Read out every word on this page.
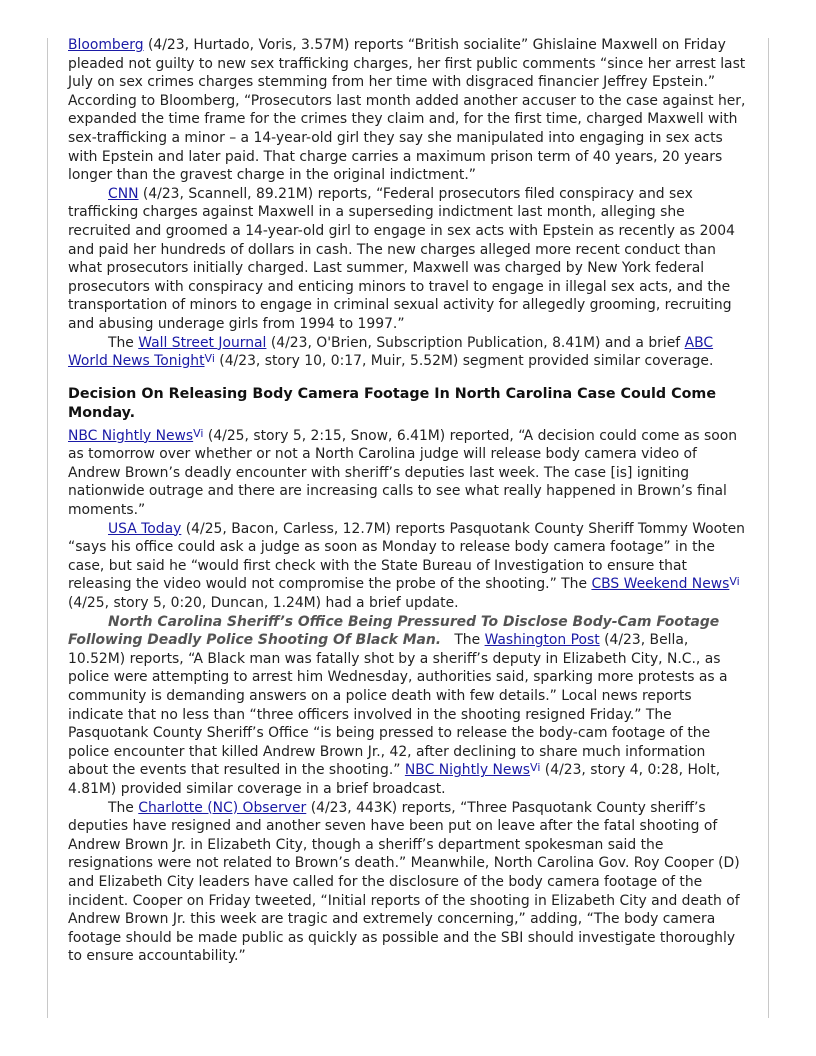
Bloomberg (4/23, Hurtado, Voris, 3.57M) reports “British socialite” Ghislaine Maxwell on Friday pleaded not guilty to new sex trafficking charges, her first public comments “since her arrest last July on sex crimes charges stemming from her time with disgraced financier Jeffrey Epstein.” According to Bloomberg, “Prosecutors last month added another accuser to the case against her, expanded the time frame for the crimes they claim and, for the first time, charged Maxwell with sex-trafficking a minor – a 14-year-old girl they say she manipulated into engaging in sex acts with Epstein and later paid. That charge carries a maximum prison term of 40 years, 20 years longer than the gravest charge in the original indictment.”

CNN (4/23, Scannell, 89.21M) reports, “Federal prosecutors filed conspiracy and sex trafficking charges against Maxwell in a superseding indictment last month, alleging she recruited and groomed a 14-year-old girl to engage in sex acts with Epstein as recently as 2004 and paid her hundreds of dollars in cash. The new charges alleged more recent conduct than what prosecutors initially charged. Last summer, Maxwell was charged by New York federal prosecutors with conspiracy and enticing minors to travel to engage in illegal sex acts, and the transportation of minors to engage in criminal sexual activity for allegedly grooming, recruiting and abusing underage girls from 1994 to 1997.”

The Wall Street Journal (4/23, O'Brien, Subscription Publication, 8.41M) and a brief ABC World News Tonight$^{Vi}$ (4/23, story 10, 0:17, Muir, 5.52M) segment provided similar coverage.

Decision On Releasing Body Camera Footage In North Carolina Case Could Come Monday.

NBC Nightly News$^{Vi}$ (4/25, story 5, 2:15, Snow, 6.41M) reported, “A decision could come as soon as tomorrow over whether or not a North Carolina judge will release body camera video of Andrew Brown’s deadly encounter with sheriff’s deputies last week. The case [is] igniting nationwide outrage and there are increasing calls to see what really happened in Brown’s final moments.”

USA Today (4/25, Bacon, Carless, 12.7M) reports Pasquotank County Sheriff Tommy Wooten “says his office could ask a judge as soon as Monday to release body camera footage” in the case, but said he “would first check with the State Bureau of Investigation to ensure that releasing the video would not compromise the probe of the shooting.” The CBS Weekend News$^{Vi}$ (4/25, story 5, 0:20, Duncan, 1.24M) had a brief update.

North Carolina Sheriff’s Office Being Pressured To Disclose Body-Cam Footage Following Deadly Police Shooting Of Black Man.   The Washington Post (4/23, Bella, 10.52M) reports, “A Black man was fatally shot by a sheriff’s deputy in Elizabeth City, N.C., as police were attempting to arrest him Wednesday, authorities said, sparking more protests as a community is demanding answers on a police death with few details.” Local news reports indicate that no less than “three officers involved in the shooting resigned Friday.” The Pasquotank County Sheriff’s Office “is being pressed to release the body-cam footage of the police encounter that killed Andrew Brown Jr., 42, after declining to share much information about the events that resulted in the shooting.” NBC Nightly News$^{Vi}$ (4/23, story 4, 0:28, Holt, 4.81M) provided similar coverage in a brief broadcast.

The Charlotte (NC) Observer (4/23, 443K) reports, “Three Pasquotank County sheriff’s deputies have resigned and another seven have been put on leave after the fatal shooting of Andrew Brown Jr. in Elizabeth City, though a sheriff’s department spokesman said the resignations were not related to Brown’s death.” Meanwhile, North Carolina Gov. Roy Cooper (D) and Elizabeth City leaders have called for the disclosure of the body camera footage of the incident. Cooper on Friday tweeted, “Initial reports of the shooting in Elizabeth City and death of Andrew Brown Jr. this week are tragic and extremely concerning,” adding, “The body camera footage should be made public as quickly as possible and the SBI should investigate thoroughly to ensure accountability.”
